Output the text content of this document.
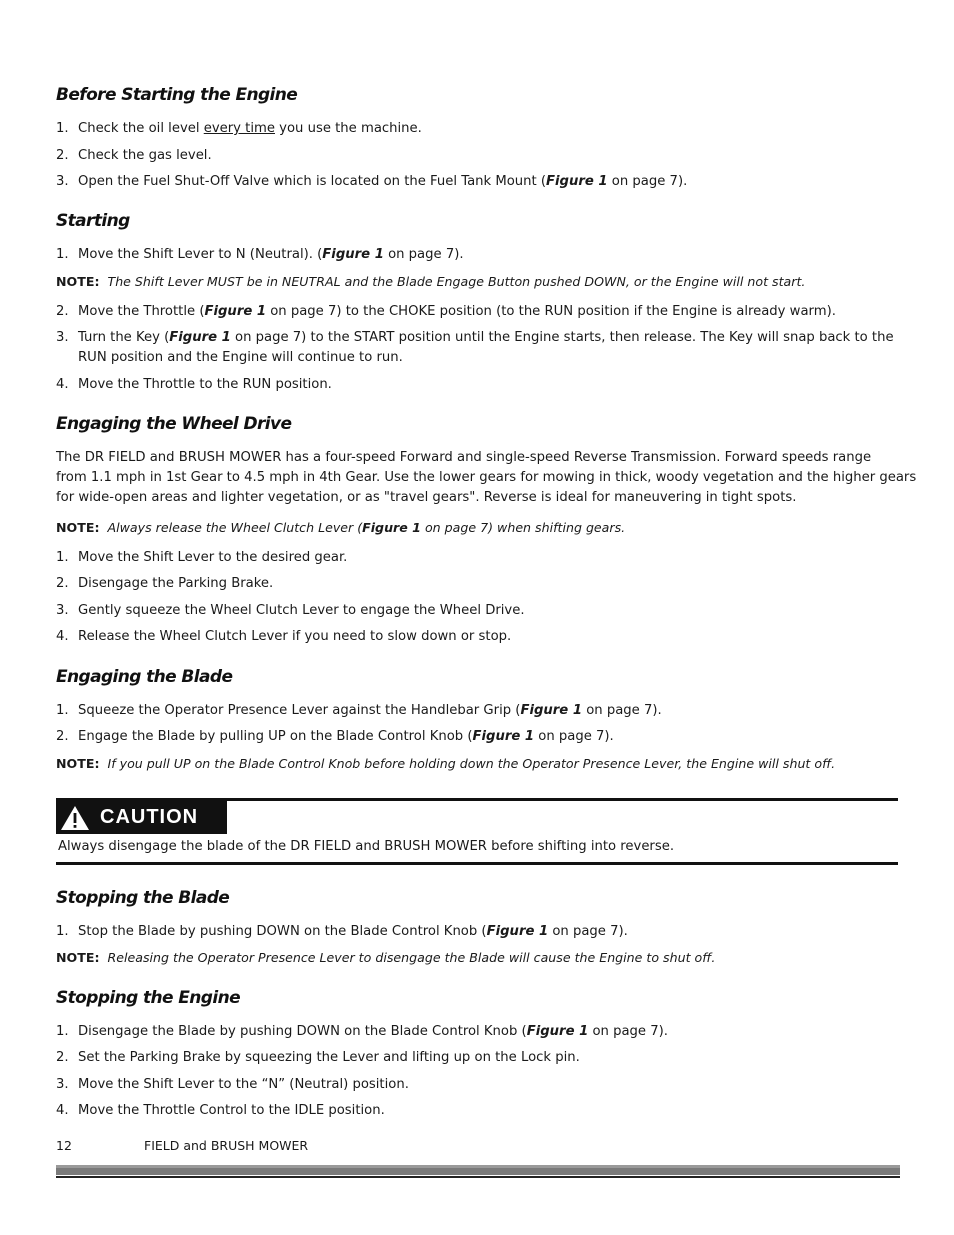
Before Starting the Engine
1. Check the oil level every time you use the machine.
2. Check the gas level.
3. Open the Fuel Shut-Off Valve which is located on the Fuel Tank Mount (Figure 1 on page 7).
Starting
1. Move the Shift Lever to N (Neutral). (Figure 1 on page 7).
NOTE: The Shift Lever MUST be in NEUTRAL and the Blade Engage Button pushed DOWN, or the Engine will not start.
2. Move the Throttle (Figure 1 on page 7) to the CHOKE position (to the RUN position if the Engine is already warm).
3. Turn the Key (Figure 1 on page 7) to the START position until the Engine starts, then release. The Key will snap back to the
RUN position and the Engine will continue to run.
4. Move the Throttle to the RUN position.
Engaging the Wheel Drive
The DR FIELD and BRUSH MOWER has a four-speed Forward and single-speed Reverse Transmission. Forward speeds range
from 1.1 mph in 1st Gear to 4.5 mph in 4th Gear. Use the lower gears for mowing in thick, woody vegetation and the higher gears
for wide-open areas and lighter vegetation, or as "travel gears". Reverse is ideal for maneuvering in tight spots.
NOTE: Always release the Wheel Clutch Lever (Figure 1 on page 7) when shifting gears.
1. Move the Shift Lever to the desired gear.
2. Disengage the Parking Brake.
3. Gently squeeze the Wheel Clutch Lever to engage the Wheel Drive.
4. Release the Wheel Clutch Lever if you need to slow down or stop.
Engaging the Blade
1. Squeeze the Operator Presence Lever against the Handlebar Grip (Figure 1 on page 7).
2. Engage the Blade by pulling UP on the Blade Control Knob (Figure 1 on page 7).
NOTE: If you pull UP on the Blade Control Knob before holding down the Operator Presence Lever, the Engine will shut off.
CAUTION
Always disengage the blade of the DR FIELD and BRUSH MOWER before shifting into reverse.
Stopping the Blade
1. Stop the Blade by pushing DOWN on the Blade Control Knob (Figure 1 on page 7).
NOTE: Releasing the Operator Presence Lever to disengage the Blade will cause the Engine to shut off.
Stopping the Engine
1. Disengage the Blade by pushing DOWN on the Blade Control Knob (Figure 1 on page 7).
2. Set the Parking Brake by squeezing the Lever and lifting up on the Lock pin.
3. Move the Shift Lever to the “N” (Neutral) position.
4. Move the Throttle Control to the IDLE position.
12	FIELD and BRUSH MOWER
